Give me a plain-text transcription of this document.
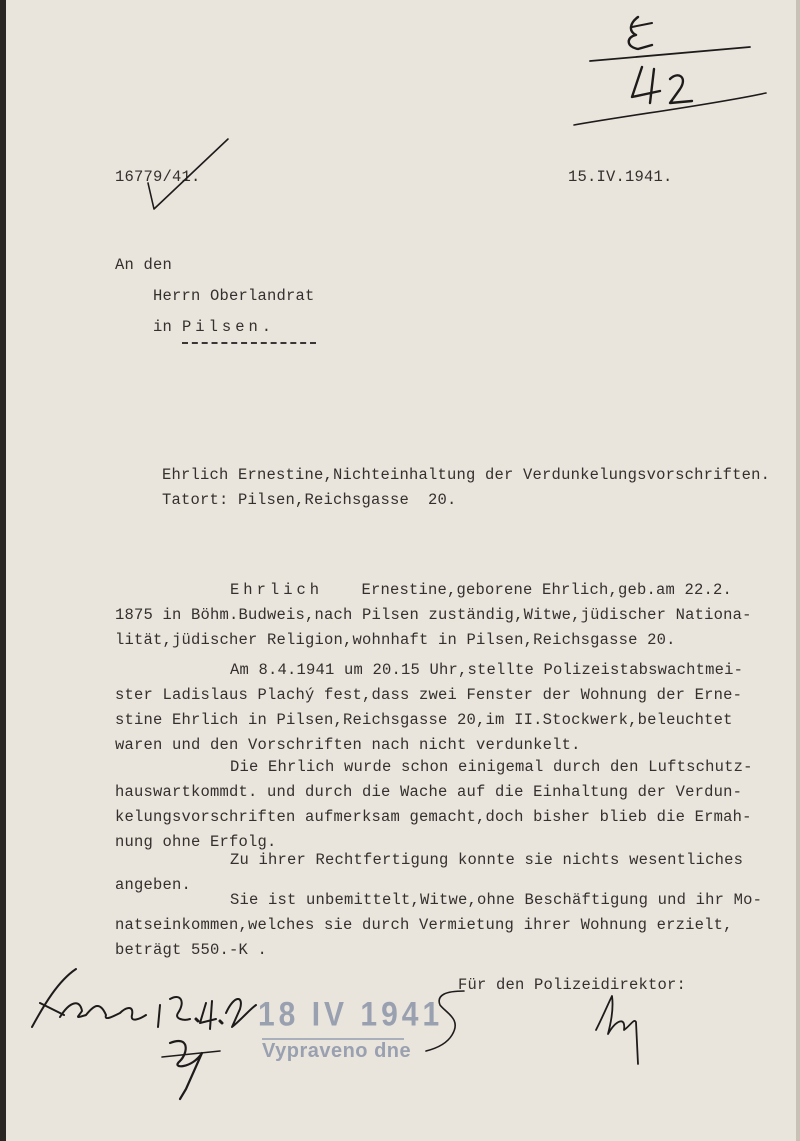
16779/41.	15.IV.1941.
An den
Herrn Oberlandrat
in Pilsen.
Ehrlich Ernestine,Nichteinhaltung der Verdunkelungsvorschriften.
Tatort: Pilsen,Reichsgasse  20.
Ehrlich Ernestine,geborene Ehrlich,geb.am 22.2.
1875 in Böhm.Budweis,nach Pilsen zuständig,Witwe,jüdischer Nationa-
lität,jüdischer Religion,wohnhaft in Pilsen,Reichsgasse 20.
Am 8.4.1941 um 20.15 Uhr,stellte Polizeistabswachtmei-
ster Ladislaus Plachý fest,dass zwei Fenster der Wohnung der Erne-
stine Ehrlich in Pilsen,Reichsgasse 20,im II.Stockwerk,beleuchtet
waren und den Vorschriften nach nicht verdunkelt.
Die Ehrlich wurde schon einigemal durch den Luftschutz-
hauswartkommdt. und durch die Wache auf die Einhaltung der Verdun-
kelungsvorschriften aufmerksam gemacht,doch bisher blieb die Ermah-
nung ohne Erfolg.
Zu ihrer Rechtfertigung konnte sie nichts wesentliches
angeben.
Sie ist unbemittelt,Witwe,ohne Beschäftigung und ihr Mo-
natseinkommen,welches sie durch Vermietung ihrer Wohnung erzielt,
beträgt 550.-K .
Für den Polizeidirektor:
18 IV 1941
Vypraveno dne
